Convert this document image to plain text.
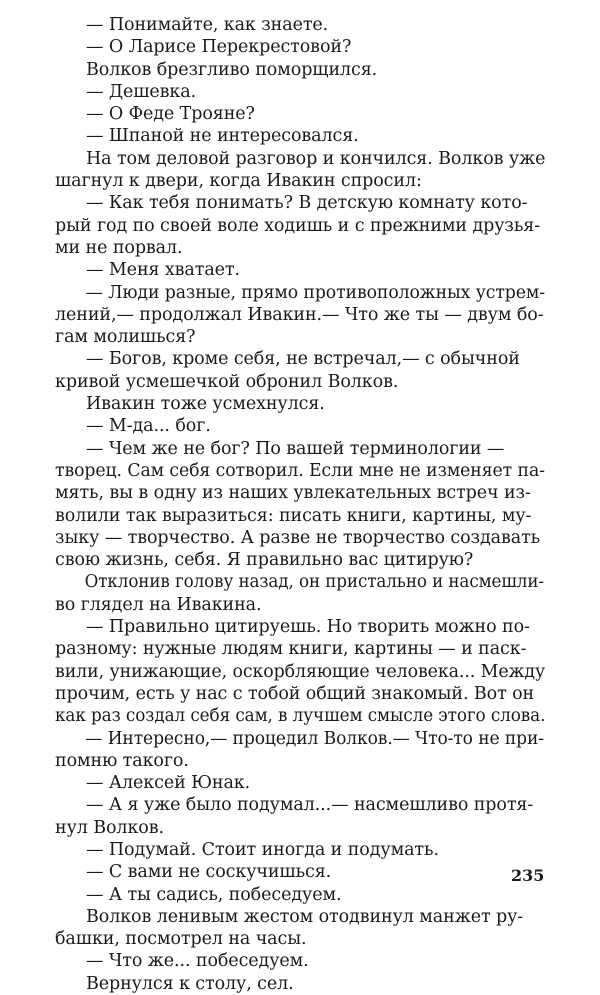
— Понимайте, как знаете.
— О Ларисе Перекрестовой?
Волков брезгливо поморщился.
— Дешевка.
— О Феде Трояне?
— Шпаной не интересовался.
На том деловой разговор и кончился. Волков уже
шагнул к двери, когда Ивакин спросил:
— Как тебя понимать? В детскую комнату кото-
рый год по своей воле ходишь и с прежними друзья-
ми не порвал.
— Меня хватает.
— Люди разные, прямо противоположных устрем-
лений,— продолжал Ивакин.— Что же ты — двум бо-
гам молишься?
— Богов, кроме себя, не встречал,— с обычной
кривой усмешечкой обронил Волков.
Ивакин тоже усмехнулся.
— М-да... бог.
— Чем же не бог? По вашей терминологии —
творец. Сам себя сотворил. Если мне не изменяет па-
мять, вы в одну из наших увлекательных встреч из-
волили так выразиться: писать книги, картины, му-
зыку — творчество. А разве не творчество создавать
свою жизнь, себя. Я правильно вас цитирую?
Отклонив голову назад, он пристально и насмешли-
во глядел на Ивакина.
— Правильно цитируешь. Но творить можно по-
разному: нужные людям книги, картины — и паск-
вили, унижающие, оскорбляющие человека... Между
прочим, есть у нас с тобой общий знакомый. Вот он
как раз создал себя сам, в лучшем смысле этого слова.
— Интересно,— процедил Волков.— Что-то не при-
помню такого.
— Алексей Юнак.
— А я уже было подумал...— насмешливо протя-
нул Волков.
— Подумай. Стоит иногда и подумать.
— С вами не соскучишься.
— А ты садись, побеседуем.
Волков ленивым жестом отодвинул манжет ру-
башки, посмотрел на часы.
— Что же... побеседуем.
Вернулся к столу, сел.
235
